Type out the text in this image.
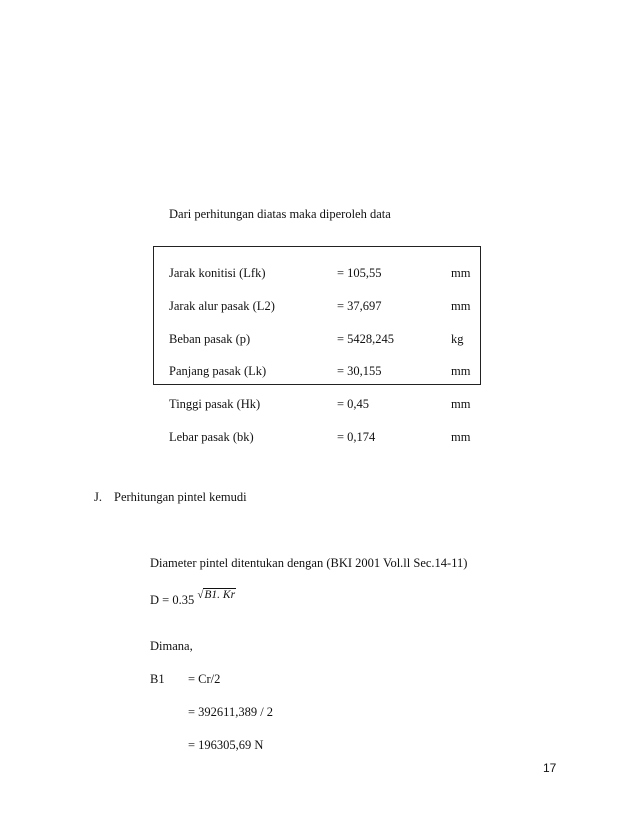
Dari perhitungan diatas maka diperoleh data
Jarak konitisi (Lfk)	= 105,55	mm
Jarak alur pasak (L2)	= 37,697	mm
Beban pasak (p)	= 5428,245	kg
Panjang pasak (Lk)	= 30,155	mm
Tinggi pasak (Hk)	= 0,45	mm
Lebar pasak (bk)	= 0,174	mm
J. Perhitungan pintel kemudi
Diameter pintel ditentukan dengan (BKI 2001 Vol.ll Sec.14-11)
D = 0.35 √B1. Kr
Dimana,
B1 = Cr/2
= 392611,389 / 2
= 196305,69 N
17
